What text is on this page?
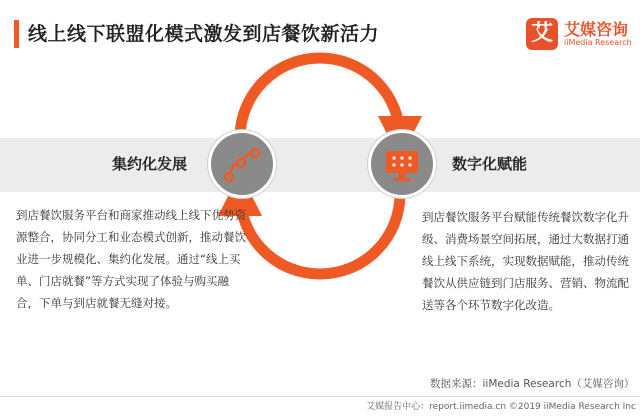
线上线下联盟化模式激发到店餐饮新活力	艾 艾媒咨询
iiMedia Research
集约化发展	数字化赋能
到店餐饮服务平台和商家推动线上线下优势资源整合，协同分工和业态模式创新，推动餐饮业进一步规模化、集约化发展。通过“线上买单、门店就餐”等方式实现了体验与购买融合，下单与到店就餐无缝对接。
到店餐饮服务平台赋能传统餐饮数字化升级、消费场景空间拓展，通过大数据打通线上线下系统，实现数据赋能，推动传统餐饮从供应链到门店服务、营销、物流配送等各个环节数字化改造。
数据来源：iiMedia Research（艾媒咨询）
艾媒报告中心：report.iimedia.cn ©2019 iiMedia Research Inc
